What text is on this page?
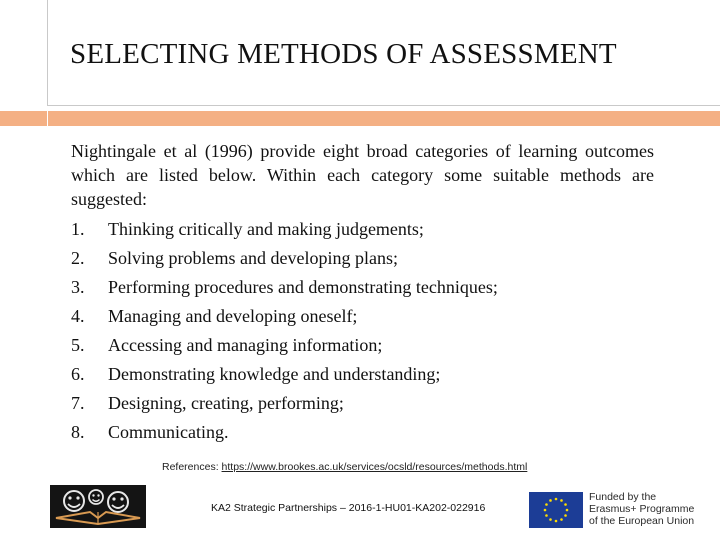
SELECTING METHODS OF ASSESSMENT

Nightingale et al (1996) provide eight broad categories of learning outcomes which are listed below. Within each category some suitable methods are suggested:

1.	Thinking critically and making judgements;
2.	Solving problems and developing plans;
3.	Performing procedures and demonstrating techniques;
4.	Managing and developing oneself;
5.	Accessing and managing information;
6.	Demonstrating knowledge and understanding;
7.	Designing, creating, performing;
8.	Communicating.
References: https://www.brookes.ac.uk/services/ocsld/resources/methods.html
KA2 Strategic Partnerships – 2016-1-HU01-KA202-022916
Funded by the
Erasmus+ Programme
of the European Union
